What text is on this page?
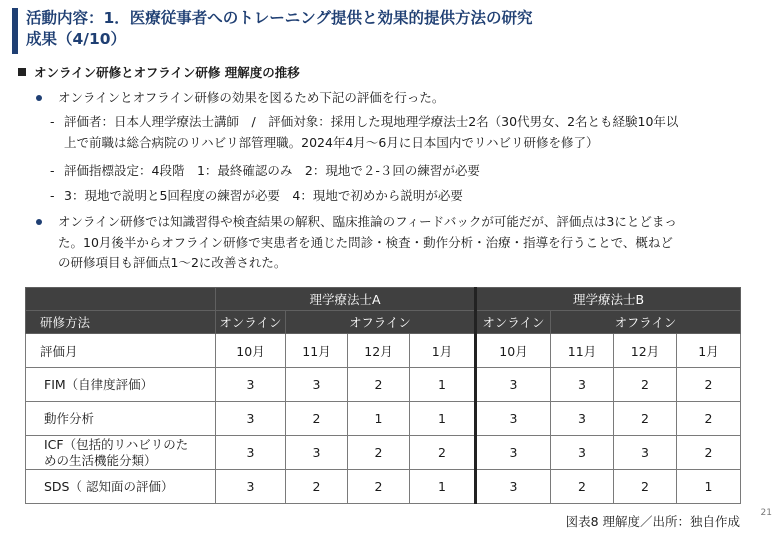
活動内容：1．医療従事者へのトレーニング提供と効果的提供方法の研究
成果（4/10）
オンライン研修とオフライン研修 理解度の推移
オンラインとオフライン研修の効果を図るため下記の評価を行った。
- 評価者：日本人理学療法士講師　/　評価対象：採用した現地理学療法士2名（30代男女、2名とも経験10年以
上で前職は総合病院のリハビリ部管理職。2024年4月～6月に日本国内でリハビリ研修を修了）
- 評価指標設定：4段階　1：最終確認のみ　2：現地で２-３回の練習が必要
- 3：現地で説明と5回程度の練習が必要　4：現地で初めから説明が必要
オンライン研修では知識習得や検査結果の解釈、臨床推論のフィードバックが可能だが、評価点は3にとどまっ
た。10月後半からオフライン研修で実患者を通じた問診・検査・動作分析・治療・指導を行うことで、概ねど
の研修項目も評価点1～2に改善された。
	理学療法士A				理学療法士B			
研修方法	オンライン	オフライン			オンライン	オフライン		
評価月	10月	11月	12月	1月	10月	11月	12月	1月
FIM（自律度評価）	3	3	2	1	3	3	2	2
動作分析	3	2	1	1	3	3	2	2

ICF（包括的リハビリのた
めの生活機能分類）	3	3	2	2	3	3	3	2
SDS（ 認知面の評価）	3	2	2	1	3	2	2	1
図表8 理解度／出所：独自作成
21
